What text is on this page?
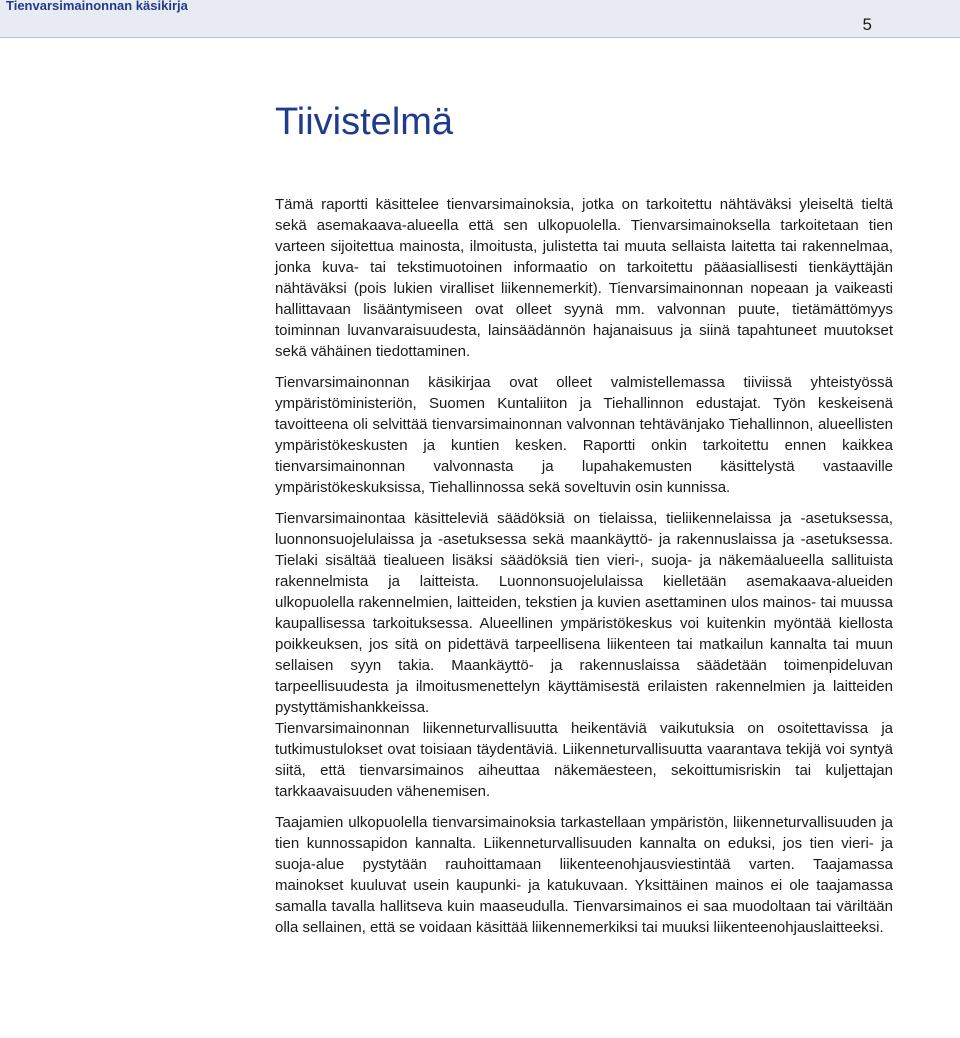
Tienvarsimainonnan käsikirja
5
Tiivistelmä

Tämä raportti käsittelee tienvarsimainoksia, jotka on tarkoitettu nähtäväksi yleiseltä tieltä sekä asemakaava-alueella että sen ulkopuolella. Tienvarsimainoksella tarkoitetaan tien varteen sijoitettua mainosta, ilmoitusta, julistetta tai muuta sellaista laitetta tai rakennelmaa, jonka kuva- tai tekstimuotoinen informaatio on tarkoitettu pääasiallisesti tienkäyttäjän nähtäväksi (pois lukien viralliset liikennemerkit). Tienvarsimainonnan nopeaan ja vaikeasti hallittavaan lisääntymiseen ovat olleet syynä mm. valvonnan puute, tietämättömyys toiminnan luvanvaraisuudesta, lainsäädännön hajanaisuus ja siinä tapahtuneet muutokset sekä vähäinen tiedottaminen.

Tienvarsimainonnan käsikirjaa ovat olleet valmistellemassa tiiviissä yhteistyössä ympäristöministeriön, Suomen Kuntaliiton ja Tiehallinnon edustajat. Työn keskeisenä tavoitteena oli selvittää tienvarsimainonnan valvonnan tehtävänjako Tiehallinnon, alueellisten ympäristökeskusten ja kuntien kesken. Raportti onkin tarkoitettu ennen kaikkea tienvarsimainonnan valvonnasta ja lupahakemusten käsittelystä vastaaville ympäristökeskuksissa, Tiehallinnossa sekä soveltuvin osin kunnissa.

Tienvarsimainontaa käsitteleviä säädöksiä on tielaissa, tieliikennelaissa ja -asetuksessa, luonnonsuojelulaissa ja -asetuksessa sekä maankäyttö- ja rakennuslaissa ja -asetuksessa. Tielaki sisältää tiealueen lisäksi säädöksiä tien vieri-, suoja- ja näkemäalueella sallituista rakennelmista ja laitteista. Luonnonsuojelulaissa kielletään asemakaava-alueiden ulkopuolella rakennelmien, laitteiden, tekstien ja kuvien asettaminen ulos mainos- tai muussa kaupallisessa tarkoituksessa. Alueellinen ympäristökeskus voi kuitenkin myöntää kiellosta poikkeuksen, jos sitä on pidettävä tarpeellisena liikenteen tai matkailun kannalta tai muun sellaisen syyn takia. Maankäyttö- ja rakennuslaissa säädetään toimenpideluvan tarpeellisuudesta ja ilmoitusmenettelyn käyttämisestä erilaisten rakennelmien ja laitteiden pystyttämishankkeissa.

Tienvarsimainonnan liikenneturvallisuutta heikentäviä vaikutuksia on osoitettavissa ja tutkimustulokset ovat toisiaan täydentäviä. Liikenneturvallisuutta vaarantava tekijä voi syntyä siitä, että tienvarsimainos aiheuttaa näkemäesteen, sekoittumisriskin tai kuljettajan tarkkaavaisuuden vähenemisen.

Taajamien ulkopuolella tienvarsimainoksia tarkastellaan ympäristön, liikenneturvallisuuden ja tien kunnossapidon kannalta. Liikenneturvallisuuden kannalta on eduksi, jos tien vieri- ja suoja-alue pystytään rauhoittamaan liikenteenohjausviestintää varten. Taajamassa mainokset kuuluvat usein kaupunki- ja katukuvaan. Yksittäinen mainos ei ole taajamassa samalla tavalla hallitseva kuin maaseudulla. Tienvarsimainos ei saa muodoltaan tai väriltään olla sellainen, että se voidaan käsittää liikennemerkiksi tai muuksi liikenteenohjauslaitteeksi.
